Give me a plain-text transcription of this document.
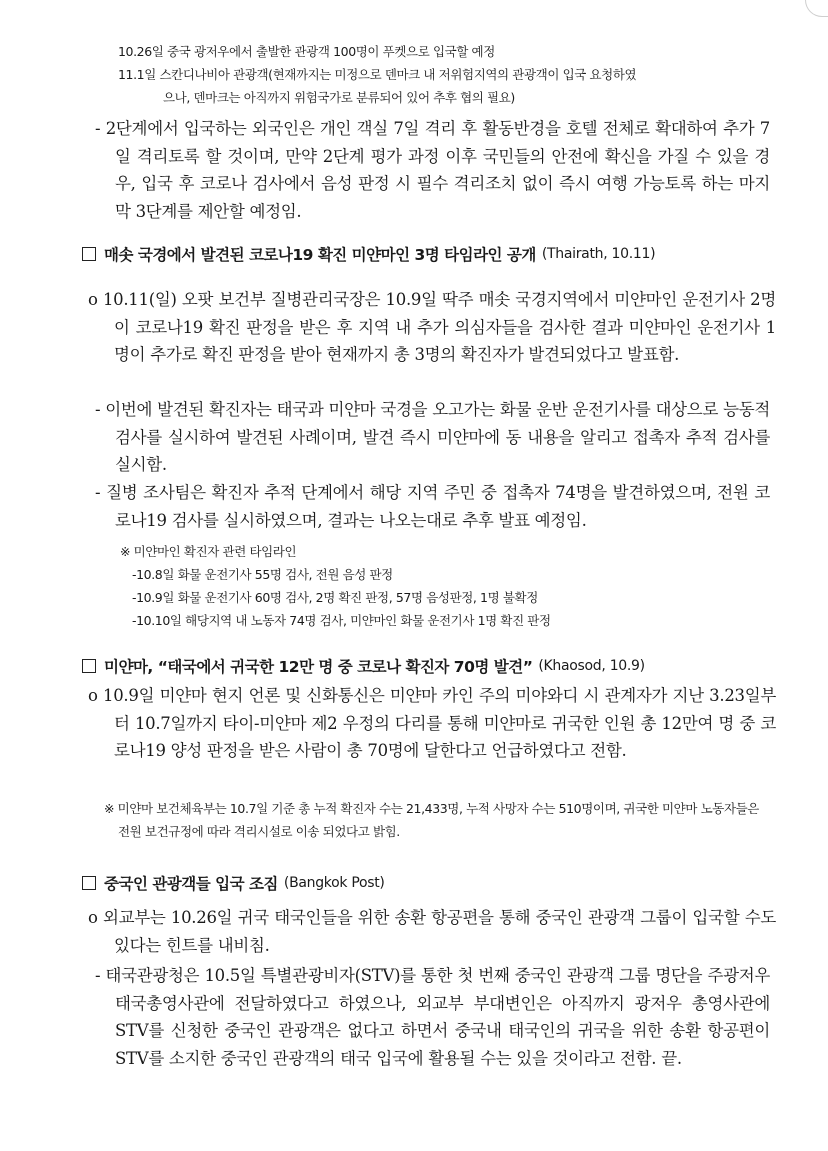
10.26일 중국 광저우에서 출발한 관광객 100명이 푸켓으로 입국할 예정
11.1일 스칸디나비아 관광객(현재까지는 미정으로 덴마크 내 저위험지역의 관광객이 입국 요청하였
으나, 덴마크는 아직까지 위험국가로 분류되어 있어 추후 협의 필요)
- 2단계에서 입국하는 외국인은 개인 객실 7일 격리 후 활동반경을 호텔 전체로 확대하여 추가 7일 격리토록 할 것이며, 만약 2단계 평가 과정 이후 국민들의 안전에 확신을 가질 수 있을 경우, 입국 후 코로나 검사에서 음성 판정 시 필수 격리조치 없이 즉시 여행 가능토록 하는 마지막 3단계를 제안할 예정임.
매솟 국경에서 발견된 코로나19 확진 미얀마인 3명 타임라인 공개 (Thairath, 10.11)
o 10.11(일) 오팟 보건부 질병관리국장은 10.9일 딱주 매솟 국경지역에서 미얀마인 운전기사 2명이 코로나19 확진 판정을 받은 후 지역 내 추가 의심자들을 검사한 결과 미얀마인 운전기사 1명이 추가로 확진 판정을 받아 현재까지 총 3명의 확진자가 발견되었다고 발표함.
- 이번에 발견된 확진자는 태국과 미얀마 국경을 오고가는 화물 운반 운전기사를 대상으로 능동적 검사를 실시하여 발견된 사례이며, 발견 즉시 미얀마에 동 내용을 알리고 접촉자 추적 검사를 실시함.
- 질병 조사팀은 확진자 추적 단계에서 해당 지역 주민 중 접촉자 74명을 발견하였으며, 전원 코로나19 검사를 실시하였으며, 결과는 나오는대로 추후 발표 예정임.
※ 미얀마인 확진자 관련 타임라인
-10.8일 화물 운전기사 55명 검사, 전원 음성 판정
-10.9일 화물 운전기사 60명 검사, 2명 확진 판정, 57명 음성판정, 1명 불확정
-10.10일 해당지역 내 노동자 74명 검사, 미얀마인 화물 운전기사 1명 확진 판정
미얀마, “태국에서 귀국한 12만 명 중 코로나 확진자 70명 발견” (Khaosod, 10.9)
o 10.9일 미얀마 현지 언론 및 신화통신은 미얀마 카인 주의 미야와디 시 관계자가 지난 3.23일부터 10.7일까지 타이-미얀마 제2 우정의 다리를 통해 미얀마로 귀국한 인원 총 12만여 명 중 코로나19 양성 판정을 받은 사람이 총 70명에 달한다고 언급하였다고 전함.
※ 미얀마 보건체육부는 10.7일 기준 총 누적 확진자 수는 21,433명, 누적 사망자 수는 510명이며, 귀국한 미얀마 노동자들은 전원 보건규정에 따라 격리시설로 이송 되었다고 밝힘.
중국인 관광객들 입국 조짐 (Bangkok Post)
o 외교부는 10.26일 귀국 태국인들을 위한 송환 항공편을 통해 중국인 관광객 그룹이 입국할 수도 있다는 힌트를 내비침.
- 태국관광청은 10.5일 특별관광비자(STV)를 통한 첫 번째 중국인 관광객 그룹 명단을 주광저우 태국총영사관에 전달하였다고 하였으나, 외교부 부대변인은 아직까지 광저우 총영사관에 STV를 신청한 중국인 관광객은 없다고 하면서 중국내 태국인의 귀국을 위한 송환 항공편이 STV를 소지한 중국인 관광객의 태국 입국에 활용될 수는 있을 것이라고 전함. 끝.
